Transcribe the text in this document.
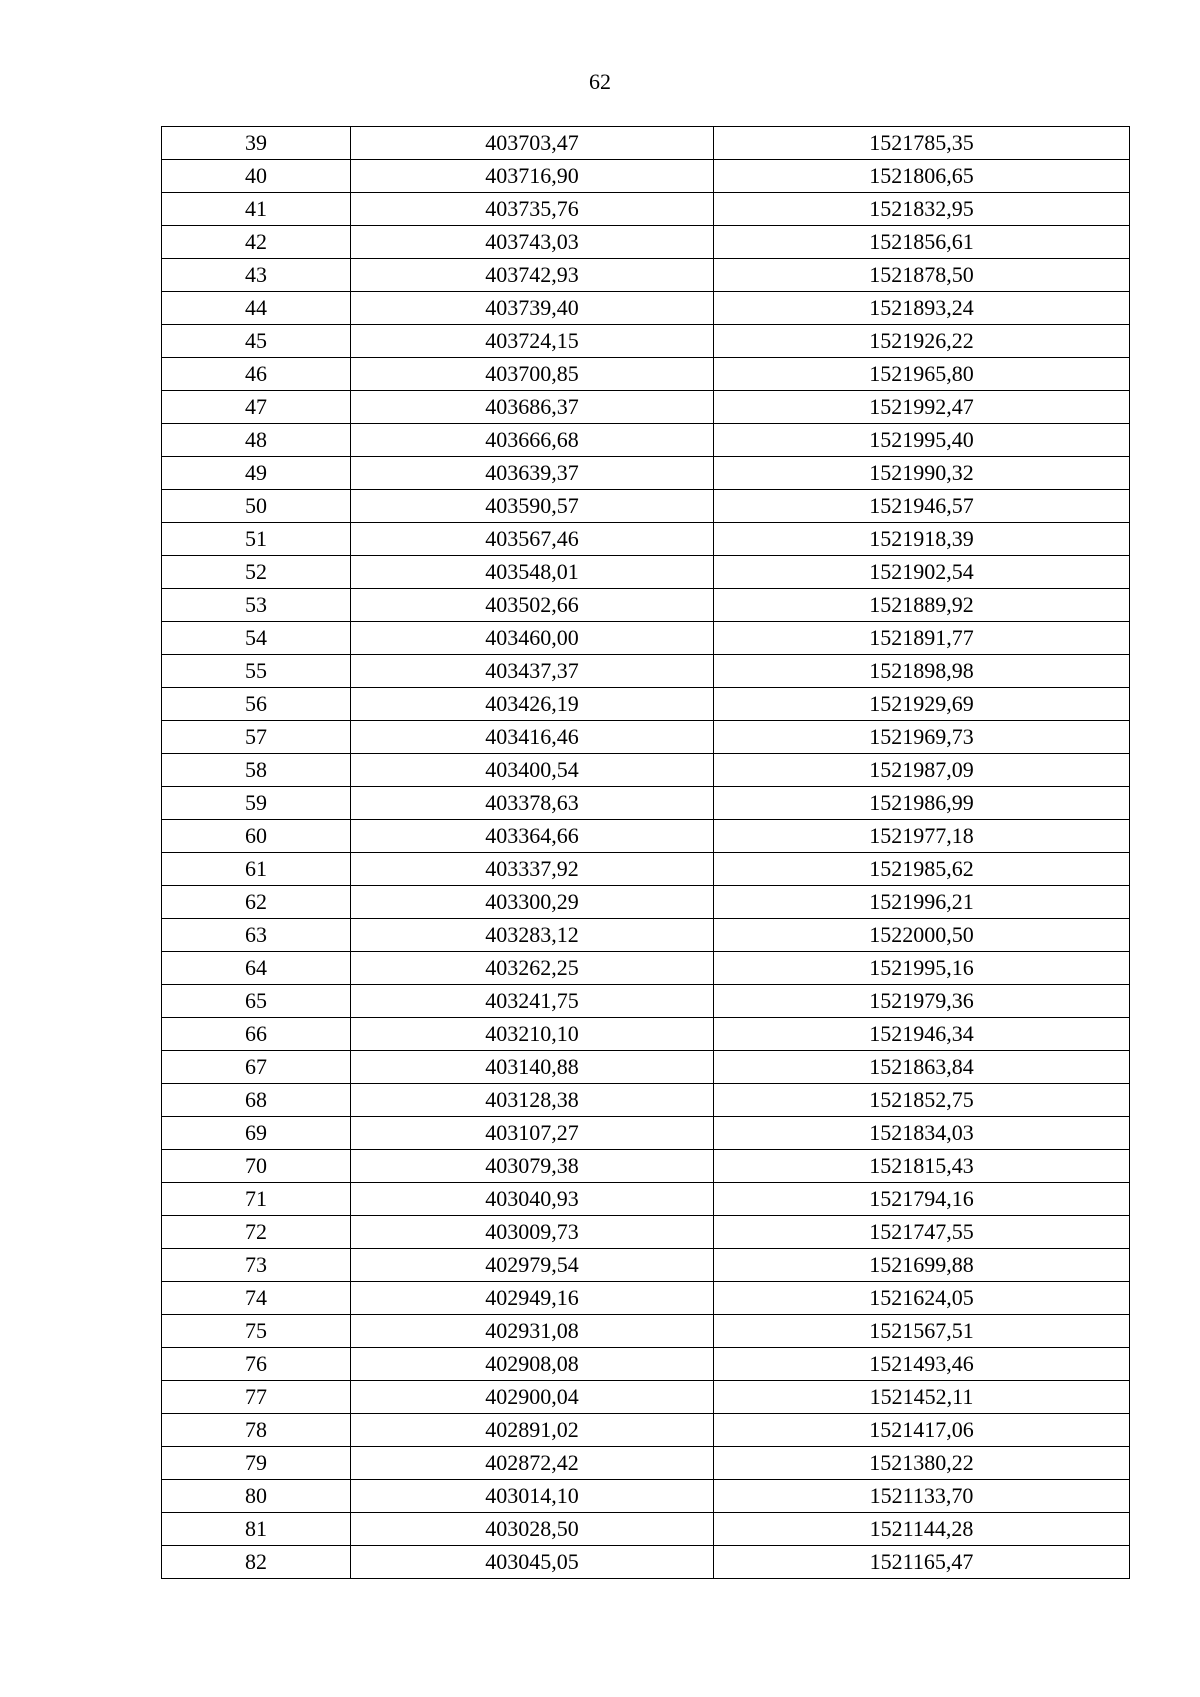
62
39	403703,47	1521785,35
40	403716,90	1521806,65
41	403735,76	1521832,95
42	403743,03	1521856,61
43	403742,93	1521878,50
44	403739,40	1521893,24
45	403724,15	1521926,22
46	403700,85	1521965,80
47	403686,37	1521992,47
48	403666,68	1521995,40
49	403639,37	1521990,32
50	403590,57	1521946,57
51	403567,46	1521918,39
52	403548,01	1521902,54
53	403502,66	1521889,92
54	403460,00	1521891,77
55	403437,37	1521898,98
56	403426,19	1521929,69
57	403416,46	1521969,73
58	403400,54	1521987,09
59	403378,63	1521986,99
60	403364,66	1521977,18
61	403337,92	1521985,62
62	403300,29	1521996,21
63	403283,12	1522000,50
64	403262,25	1521995,16
65	403241,75	1521979,36
66	403210,10	1521946,34
67	403140,88	1521863,84
68	403128,38	1521852,75
69	403107,27	1521834,03
70	403079,38	1521815,43
71	403040,93	1521794,16
72	403009,73	1521747,55
73	402979,54	1521699,88
74	402949,16	1521624,05
75	402931,08	1521567,51
76	402908,08	1521493,46
77	402900,04	1521452,11
78	402891,02	1521417,06
79	402872,42	1521380,22
80	403014,10	1521133,70
81	403028,50	1521144,28
82	403045,05	1521165,47
